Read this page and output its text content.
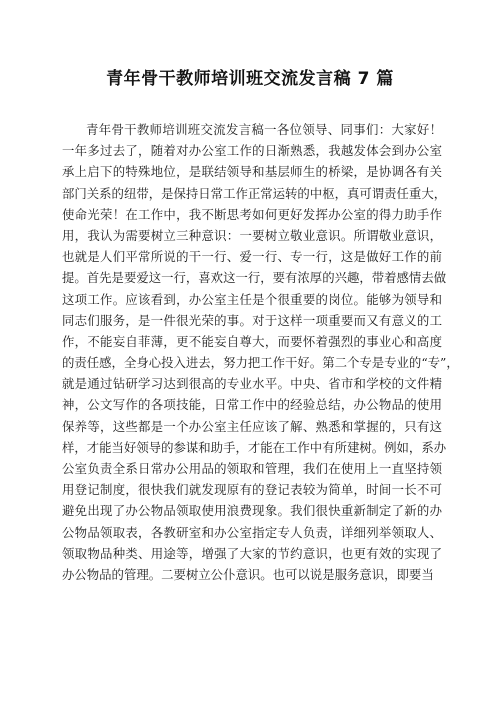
青年骨干教师培训班交流发言稿 7 篇
青年骨干教师培训班交流发言稿一各位领导、同事们：大家好！
一年多过去了，随着对办公室工作的日渐熟悉，我越发体会到办公室
承上启下的特殊地位，是联结领导和基层师生的桥梁，是协调各有关
部门关系的纽带，是保持日常工作正常运转的中枢，真可谓责任重大，
使命光荣！在工作中，我不断思考如何更好发挥办公室的得力助手作
用，我认为需要树立三种意识：一要树立敬业意识。所谓敬业意识，
也就是人们平常所说的干一行、爱一行、专一行，这是做好工作的前
提。首先是要爱这一行，喜欢这一行，要有浓厚的兴趣，带着感情去做
这项工作。应该看到，办公室主任是个很重要的岗位。能够为领导和
同志们服务，是一件很光荣的事。对于这样一项重要而又有意义的工
作，不能妄自菲薄，更不能妄自尊大，而要怀着强烈的事业心和高度
的责任感，全身心投入进去，努力把工作干好。第二个专是专业的“专”，
就是通过钻研学习达到很高的专业水平。中央、省市和学校的文件精
神，公文写作的各项技能，日常工作中的经验总结，办公物品的使用
保养等，这些都是一个办公室主任应该了解、熟悉和掌握的，只有这
样，才能当好领导的参谋和助手，才能在工作中有所建树。例如，系办
公室负责全系日常办公用品的领取和管理，我们在使用上一直坚持领
用登记制度，很快我们就发现原有的登记表较为简单，时间一长不可
避免出现了办公物品领取使用浪费现象。我们很快重新制定了新的办
公物品领取表，各教研室和办公室指定专人负责，详细列举领取人、
领取物品种类、用途等，增强了大家的节约意识，也更有效的实现了
办公物品的管理。二要树立公仆意识。也可以说是服务意识，即要当
